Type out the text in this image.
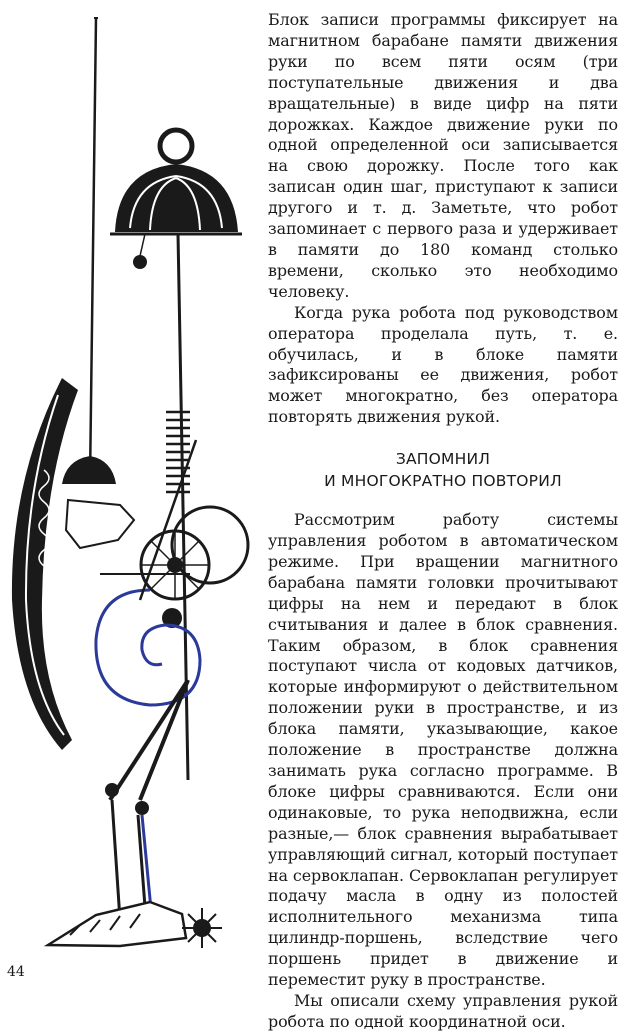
Блок записи программы фиксирует на магнитном барабане памяти движения руки по всем пяти осям (три поступательные движения и два вращательные) в виде цифр на пяти дорожках. Каждое движение руки по одной определенной оси записывается на свою дорожку. После того как записан один шаг, приступают к записи другого и т. д. Заметьте, что робот запоминает с первого раза и удерживает в памяти до 180 команд столько времени, сколько это необходимо человеку.

Когда рука робота под руководством оператора проделала путь, т. е. обучилась, и в блоке памяти зафиксированы ее движения, робот может многократно, без оператора повторять движения рукой.

ЗАПОМНИЛ
И МНОГОКРАТНО ПОВТОРИЛ

Рассмотрим работу системы управления роботом в автоматическом режиме. При вращении магнитного барабана памяти головки прочитывают цифры на нем и передают в блок считывания и далее в блок сравнения. Таким образом, в блок сравнения поступают числа от кодовых датчиков, которые информируют о действительном положении руки в пространстве, и из блока памяти, указывающие, какое положение в пространстве должна занимать рука согласно программе. В блоке цифры сравниваются. Если они одинаковые, то рука неподвижна, если разные,— блок сравнения вырабатывает управляющий сигнал, который поступает на сервоклапан. Сервоклапан регулирует подачу масла в одну из полостей исполнительного механизма типа цилиндр-поршень, вследствие чего поршень придет в движение и переместит руку в пространстве.

Мы описали схему управления рукой робота по одной координатной оси.

44
